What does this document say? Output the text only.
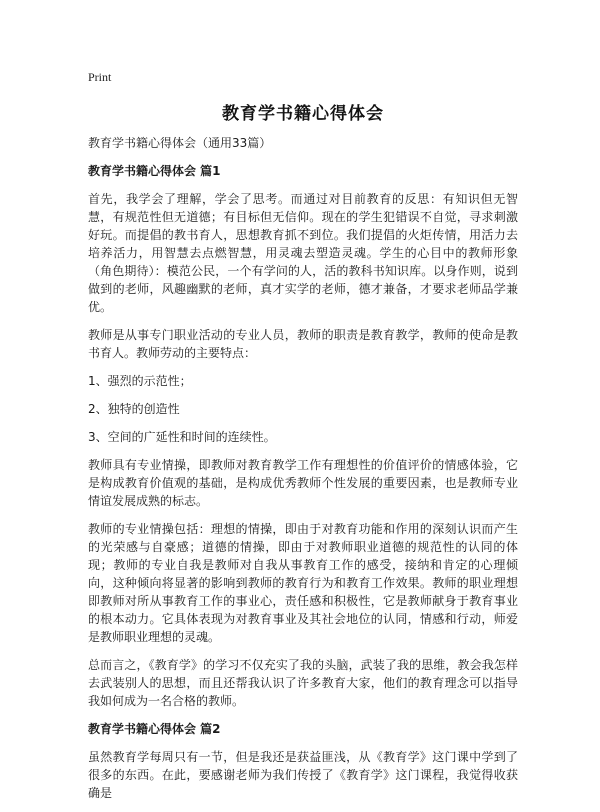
Print
教育学书籍心得体会

教育学书籍心得体会（通用33篇）

教育学书籍心得体会 篇1

首先，我学会了理解，学会了思考。而通过对目前教育的反思：有知识但无智慧，有规范性但无道德；有目标但无信仰。现在的学生犯错误不自觉，寻求刺激好玩。而提倡的教书育人，思想教育抓不到位。我们提倡的火炬传情，用活力去培养活力，用智慧去点燃智慧，用灵魂去塑造灵魂。学生的心目中的教师形象（角色期待）：模范公民，一个有学问的人，活的教科书知识库。以身作则，说到做到的老师，风趣幽默的老师，真才实学的老师，德才兼备，才要求老师品学兼优。

教师是从事专门职业活动的专业人员，教师的职责是教育教学，教师的使命是教书育人。教师劳动的主要特点：

1、强烈的示范性；

2、独特的创造性

3、空间的广延性和时间的连续性。

教师具有专业情操，即教师对教育教学工作有理想性的价值评价的情感体验，它是构成教育价值观的基础，是构成优秀教师个性发展的重要因素，也是教师专业情谊发展成熟的标志。

教师的专业情操包括：理想的情操，即由于对教育功能和作用的深刻认识而产生的光荣感与自豪感；道德的情操，即由于对教师职业道德的规范性的认同的体现；教师的专业自我是教师对自我从事教育工作的感受，接纳和肯定的心理倾向，这种倾向将显著的影响到教师的教育行为和教育工作效果。教师的职业理想即教师对所从事教育工作的事业心，责任感和积极性，它是教师献身于教育事业的根本动力。它具体表现为对教育事业及其社会地位的认同，情感和行动，师爱是教师职业理想的灵魂。

总而言之，《教育学》的学习不仅充实了我的头脑，武装了我的思维，教会我怎样去武装别人的思想，而且还帮我认识了许多教育大家，他们的教育理念可以指导我如何成为一名合格的教师。

教育学书籍心得体会 篇2

虽然教育学每周只有一节，但是我还是获益匪浅，从《教育学》这门课中学到了很多的东西。在此，要感谢老师为我们传授了《教育学》这门课程，我觉得收获确是
